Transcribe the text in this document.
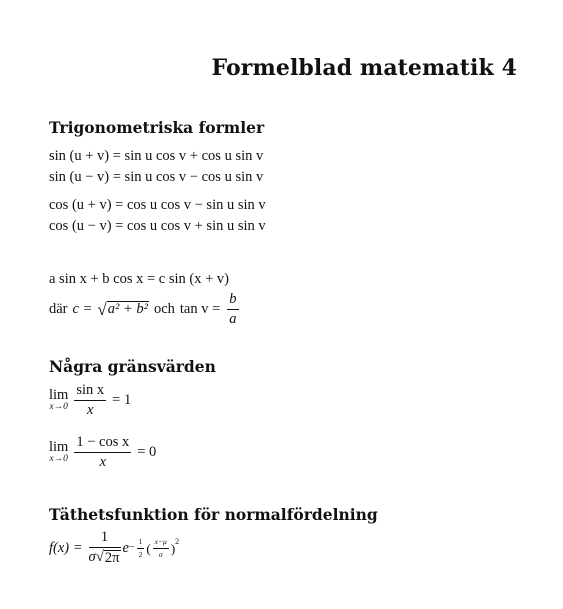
Formelblad matematik 4
Trigonometriska formler
sin (u + v) = sin u cos v + cos u sin v
sin (u − v) = sin u cos v − cos u sin v
cos (u + v) = cos u cos v − sin u sin v
cos (u − v) = cos u cos v + sin u sin v
a sin x + b cos x = c sin (x + v)
där c = √ a² + b² och $\tan v = \frac{b}{a}$
Några gränsvärden
lim
$x\to 0 \frac{\text{sin x}}{x} = 1$
lim
$x\to 0 \frac{\text{1 − cos x}}{x} = 0$
Täthetsfunktion för normalfördelning
$f(x) = \frac{1}{\sigma √ 2\pi}$ $e - \frac{1}{2}$ ( $\frac{x-\mu}{\sigma}$ ) 2
